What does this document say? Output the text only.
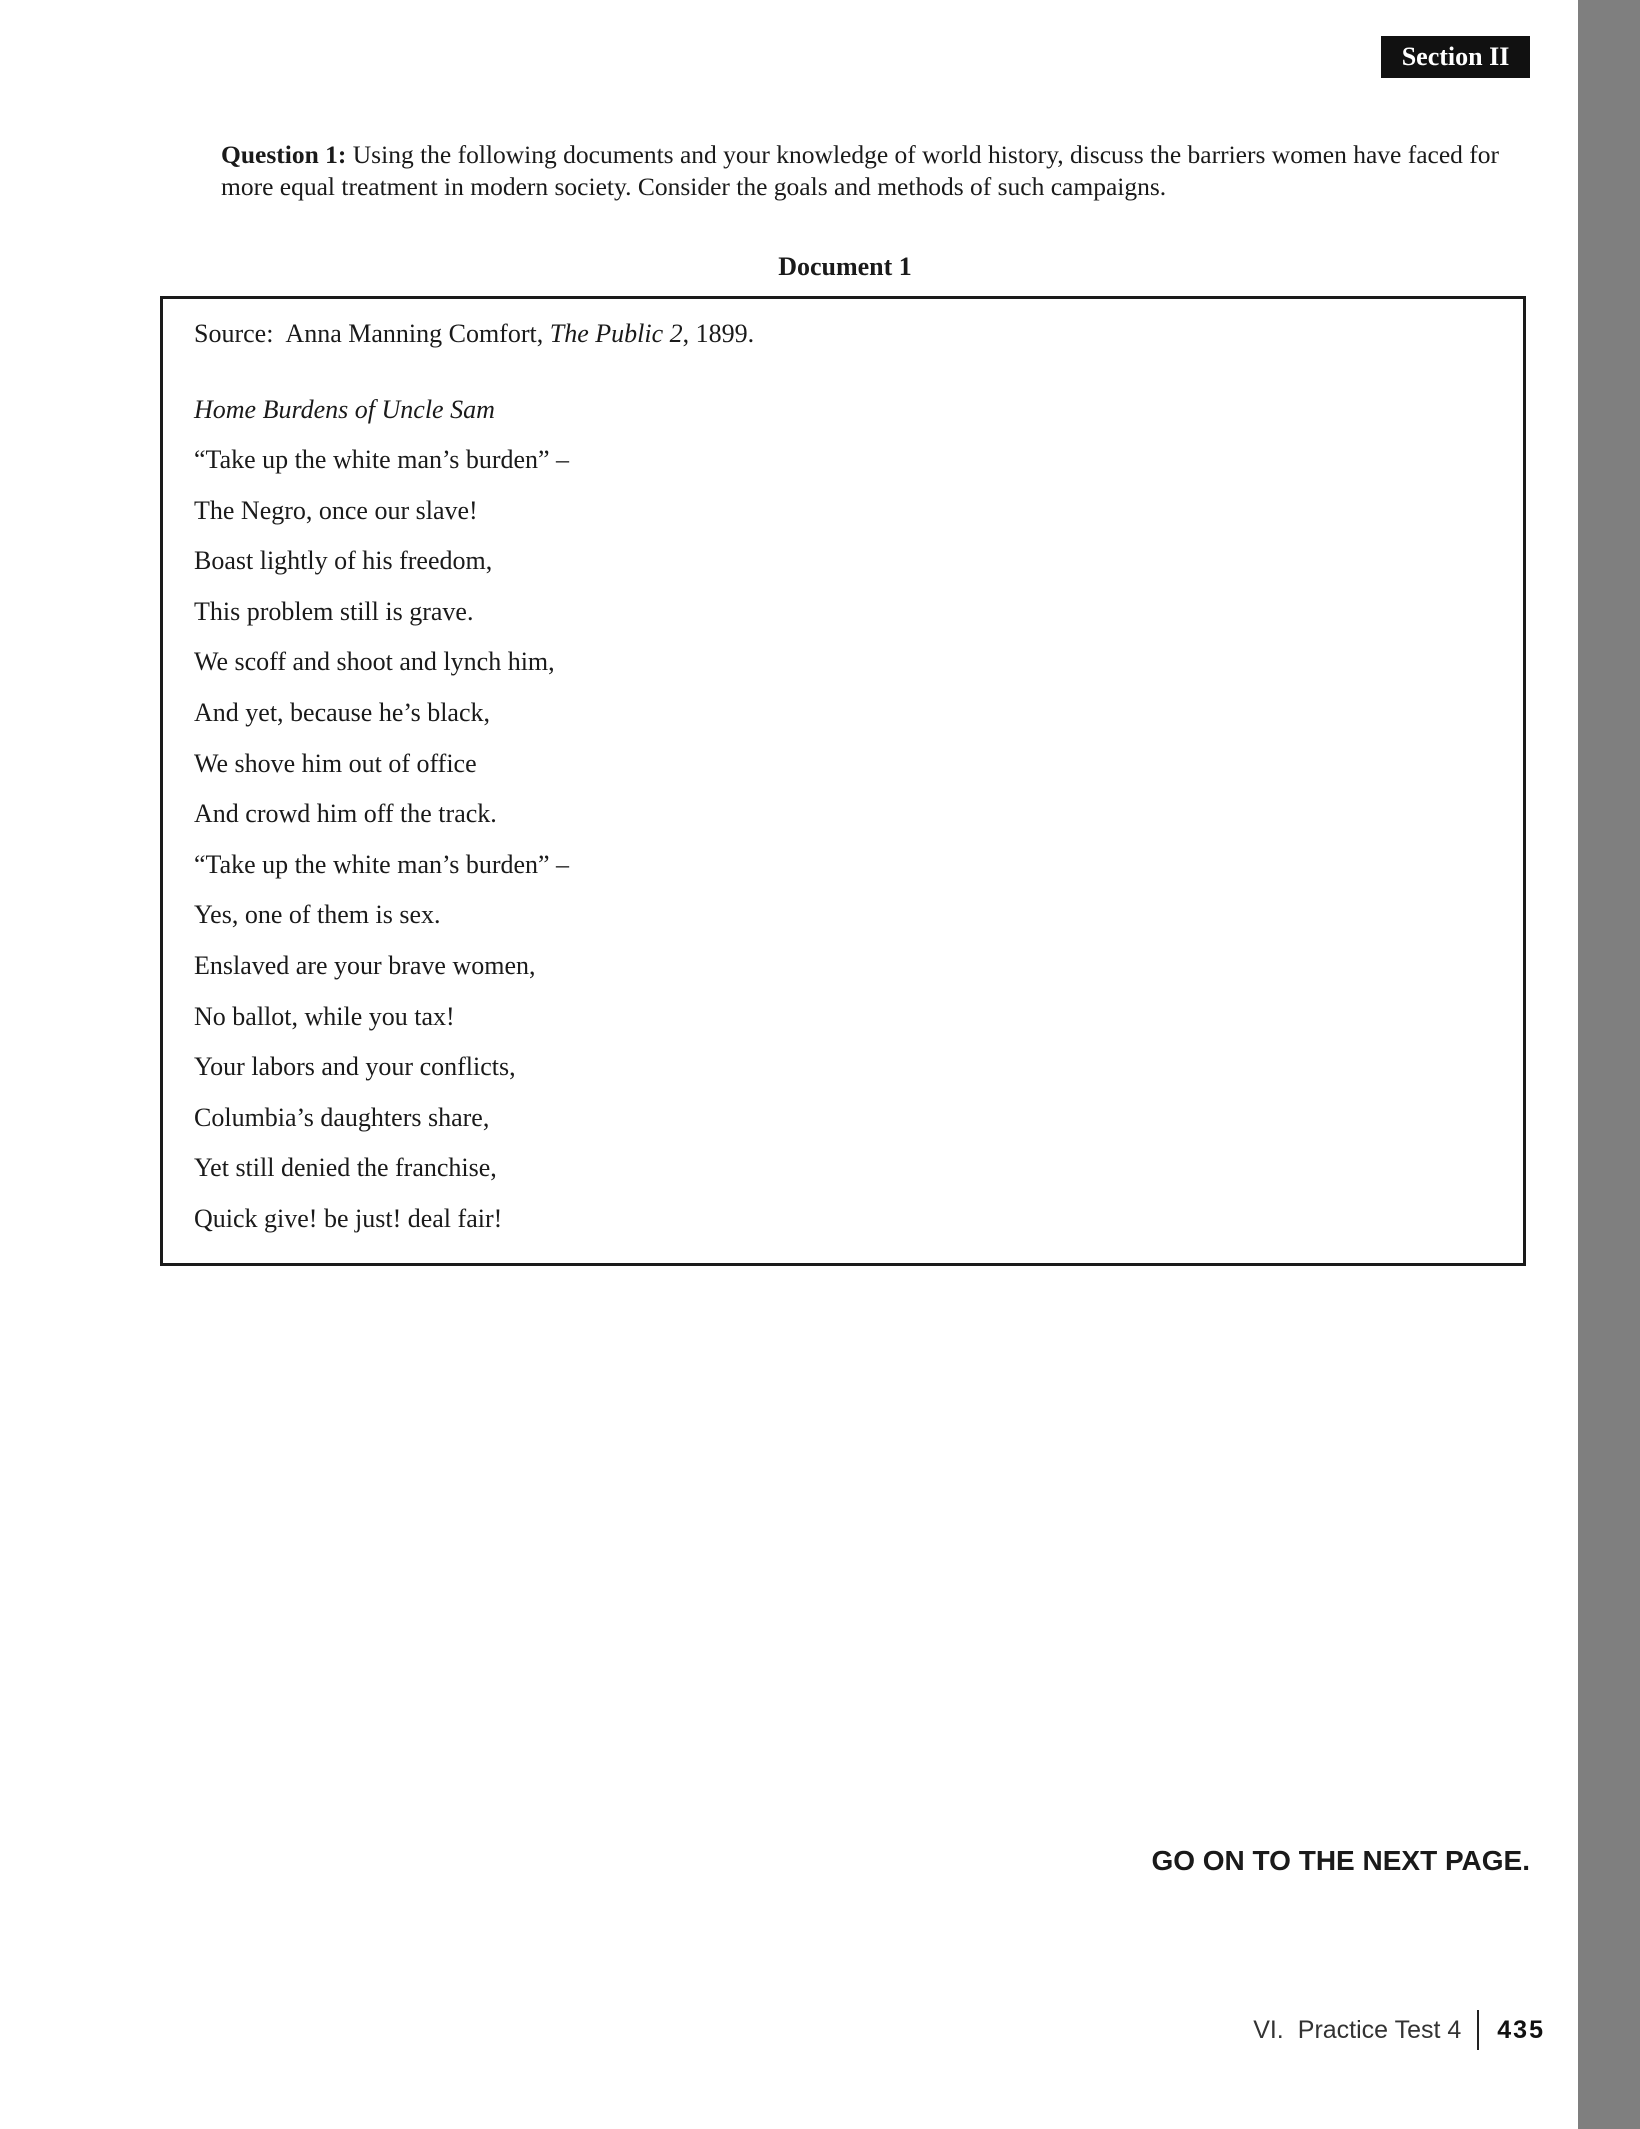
Section II
Question 1: Using the following documents and your knowledge of world history, discuss the barriers women have faced for more equal treatment in modern society. Consider the goals and methods of such campaigns.
Document 1
Source: Anna Manning Comfort, The Public 2, 1899.
Home Burdens of Uncle Sam
“Take up the white man’s burden” –
The Negro, once our slave!
Boast lightly of his freedom,
This problem still is grave.
We scoff and shoot and lynch him,
And yet, because he’s black,
We shove him out of office
And crowd him off the track.
“Take up the white man’s burden” –
Yes, one of them is sex.
Enslaved are your brave women,
No ballot, while you tax!
Your labors and your conflicts,
Columbia’s daughters share,
Yet still denied the franchise,
Quick give! be just! deal fair!
GO ON TO THE NEXT PAGE.
VI. Practice Test 4 435
